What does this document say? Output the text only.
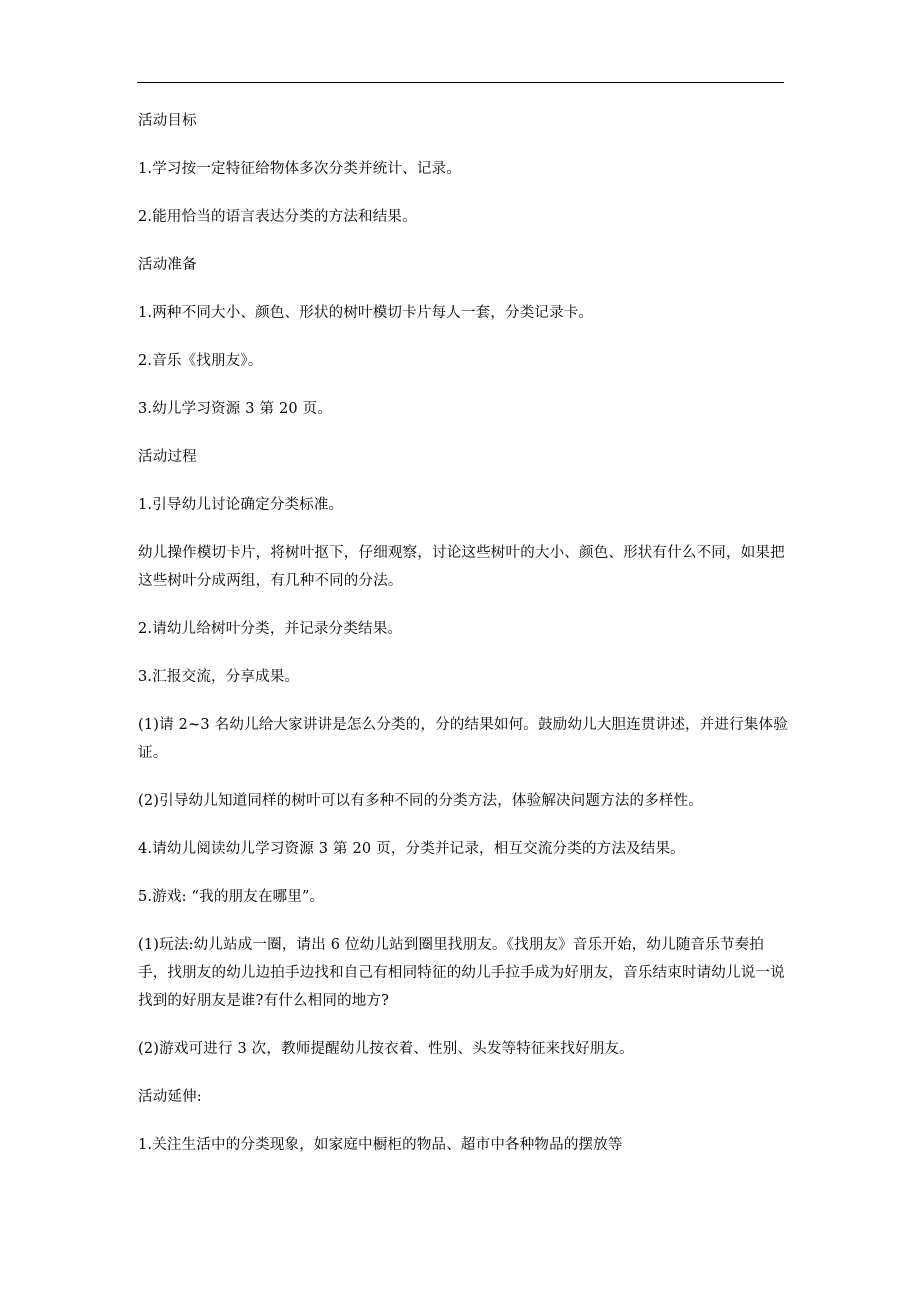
活动目标

1.学习按一定特征给物体多次分类并统计、记录。

2.能用恰当的语言表达分类的方法和结果。

活动准备

1.两种不同大小、颜色、形状的树叶模切卡片每人一套，分类记录卡。

2.音乐《找朋友》。

3.幼儿学习资源 3 第 20 页。

活动过程

1.引导幼儿讨论确定分类标准。

幼儿操作模切卡片，将树叶抠下，仔细观察，讨论这些树叶的大小、颜色、形状有什么不同，如果把这些树叶分成两组，有几种不同的分法。

2.请幼儿给树叶分类，并记录分类结果。

3.汇报交流，分享成果。

(1)请 2~3 名幼儿给大家讲讲是怎么分类的，分的结果如何。鼓励幼儿大胆连贯讲述，并进行集体验证。

(2)引导幼儿知道同样的树叶可以有多种不同的分类方法，体验解决问题方法的多样性。

4.请幼儿阅读幼儿学习资源 3 第 20 页，分类并记录，相互交流分类的方法及结果。

5.游戏: “我的朋友在哪里”。

(1)玩法:幼儿站成一圈，请出 6 位幼儿站到圈里找朋友。《找朋友》音乐开始，幼儿随音乐节奏拍手，找朋友的幼儿边拍手边找和自己有相同特征的幼儿手拉手成为好朋友，音乐结束时请幼儿说一说找到的好朋友是谁?有什么相同的地方?

(2)游戏可进行 3 次，教师提醒幼儿按衣着、性别、头发等特征来找好朋友。

活动延伸:

1.关注生活中的分类现象，如家庭中橱柜的物品、超市中各种物品的摆放等
